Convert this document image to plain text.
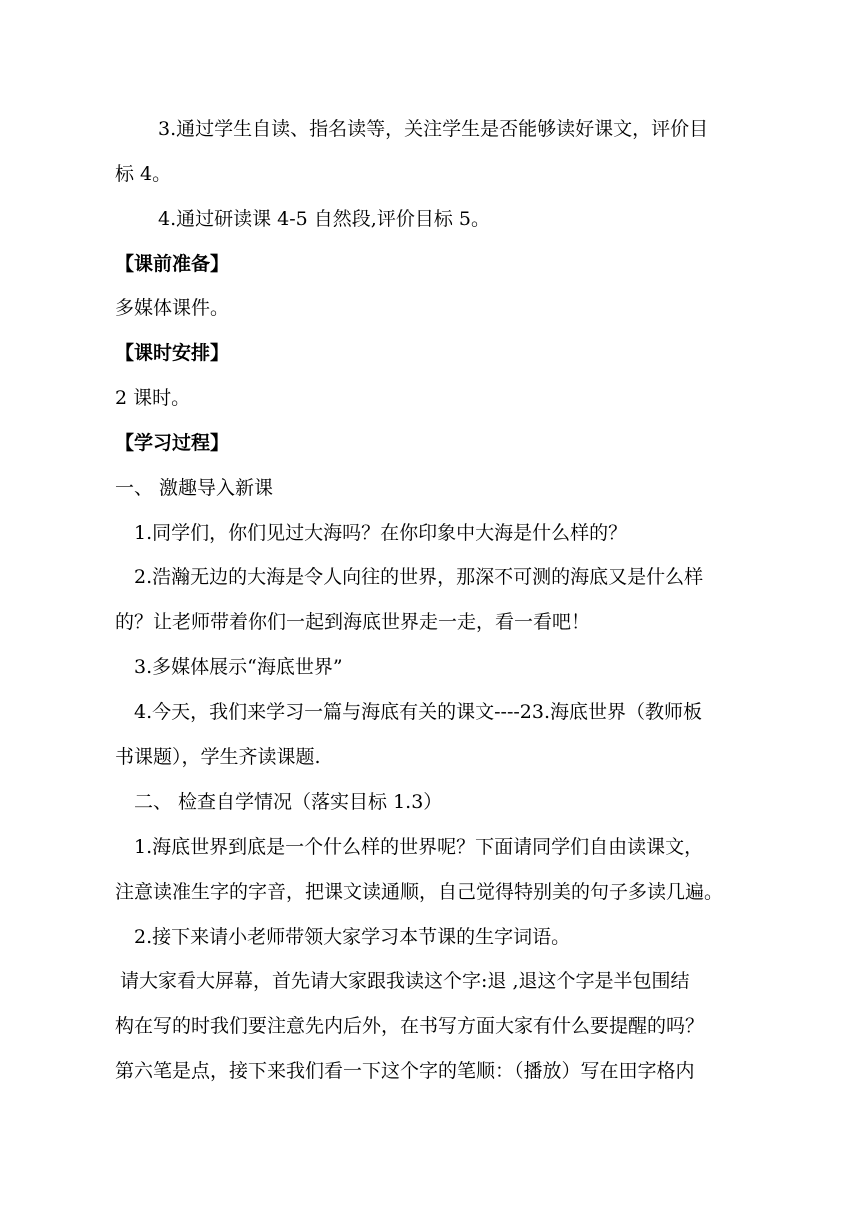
3.通过学生自读、指名读等，关注学生是否能够读好课文，评价目
标 4。
4.通过研读课 4-5 自然段,评价目标 5。
【课前准备】
多媒体课件。
【课时安排】
2 课时。
【学习过程】
一、 激趣导入新课
1.同学们，你们见过大海吗？在你印象中大海是什么样的？
2.浩瀚无边的大海是令人向往的世界，那深不可测的海底又是什么样
的？让老师带着你们一起到海底世界走一走，看一看吧！
3.多媒体展示“海底世界”
4.今天，我们来学习一篇与海底有关的课文----23.海底世界（教师板
书课题），学生齐读课题.
二、 检查自学情况（落实目标 1.3）
1.海底世界到底是一个什么样的世界呢？下面请同学们自由读课文，
注意读准生字的字音，把课文读通顺，自己觉得特别美的句子多读几遍。
2.接下来请小老师带领大家学习本节课的生字词语。
请大家看大屏幕，首先请大家跟我读这个字:退 ,退这个字是半包围结
构在写的时我们要注意先内后外，在书写方面大家有什么要提醒的吗？
第六笔是点，接下来我们看一下这个字的笔顺：（播放）写在田字格内
